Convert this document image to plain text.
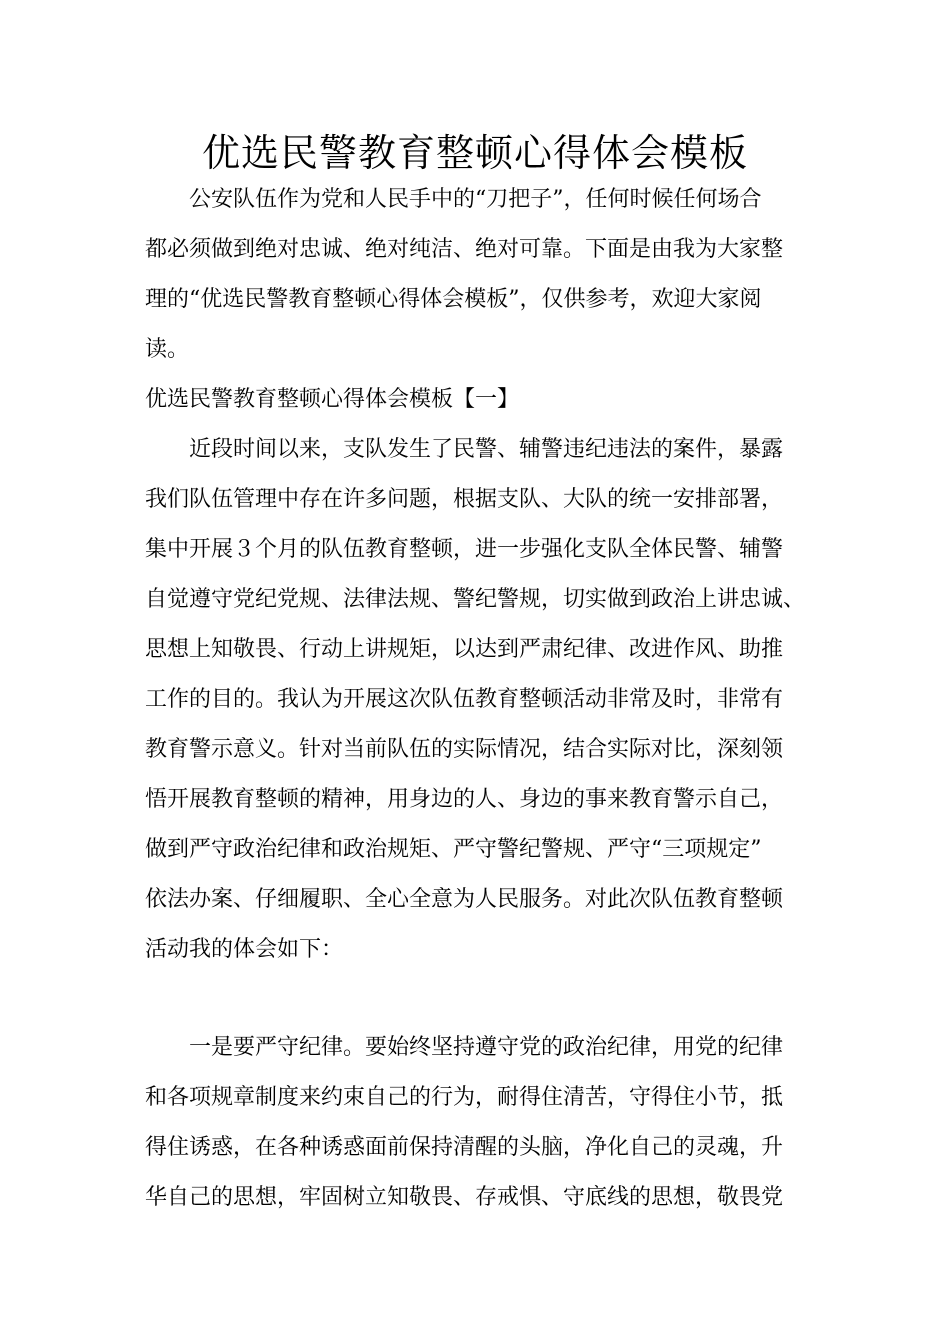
优选民警教育整顿心得体会模板

公安队伍作为党和人民手中的“刀把子”，任何时候任何场合

都必须做到绝对忠诚、绝对纯洁、绝对可靠。下面是由我为大家整

理的“优选民警教育整顿心得体会模板”，仅供参考，欢迎大家阅

读。

优选民警教育整顿心得体会模板【一】

近段时间以来，支队发生了民警、辅警违纪违法的案件，暴露

我们队伍管理中存在许多问题，根据支队、大队的统一安排部署，

集中开展３个月的队伍教育整顿，进一步强化支队全体民警、辅警

自觉遵守党纪党规、法律法规、警纪警规，切实做到政治上讲忠诚、

思想上知敬畏、行动上讲规矩，以达到严肃纪律、改进作风、助推

工作的目的。我认为开展这次队伍教育整顿活动非常及时，非常有

教育警示意义。针对当前队伍的实际情况，结合实际对比，深刻领

悟开展教育整顿的精神，用身边的人、身边的事来教育警示自己，

做到严守政治纪律和政治规矩、严守警纪警规、严守“三项规定”

依法办案、仔细履职、全心全意为人民服务。对此次队伍教育整顿

活动我的体会如下：

一是要严守纪律。要始终坚持遵守党的政治纪律，用党的纪律

和各项规章制度来约束自己的行为，耐得住清苦，守得住小节，抵

得住诱惑，在各种诱惑面前保持清醒的头脑，净化自己的灵魂，升

华自己的思想，牢固树立知敬畏、存戒惧、守底线的思想，敬畏党
